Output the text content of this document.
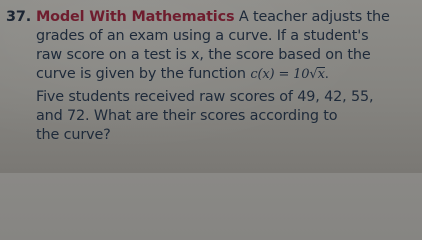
37. Model With Mathematics A teacher adjusts the
grades of an exam using a curve. If a student's
raw score on a test is x, the score based on the
curve is given by the function c(x) = 10√x.
Five students received raw scores of 49, 42, 55,
and 72. What are their scores according to
the curve?
